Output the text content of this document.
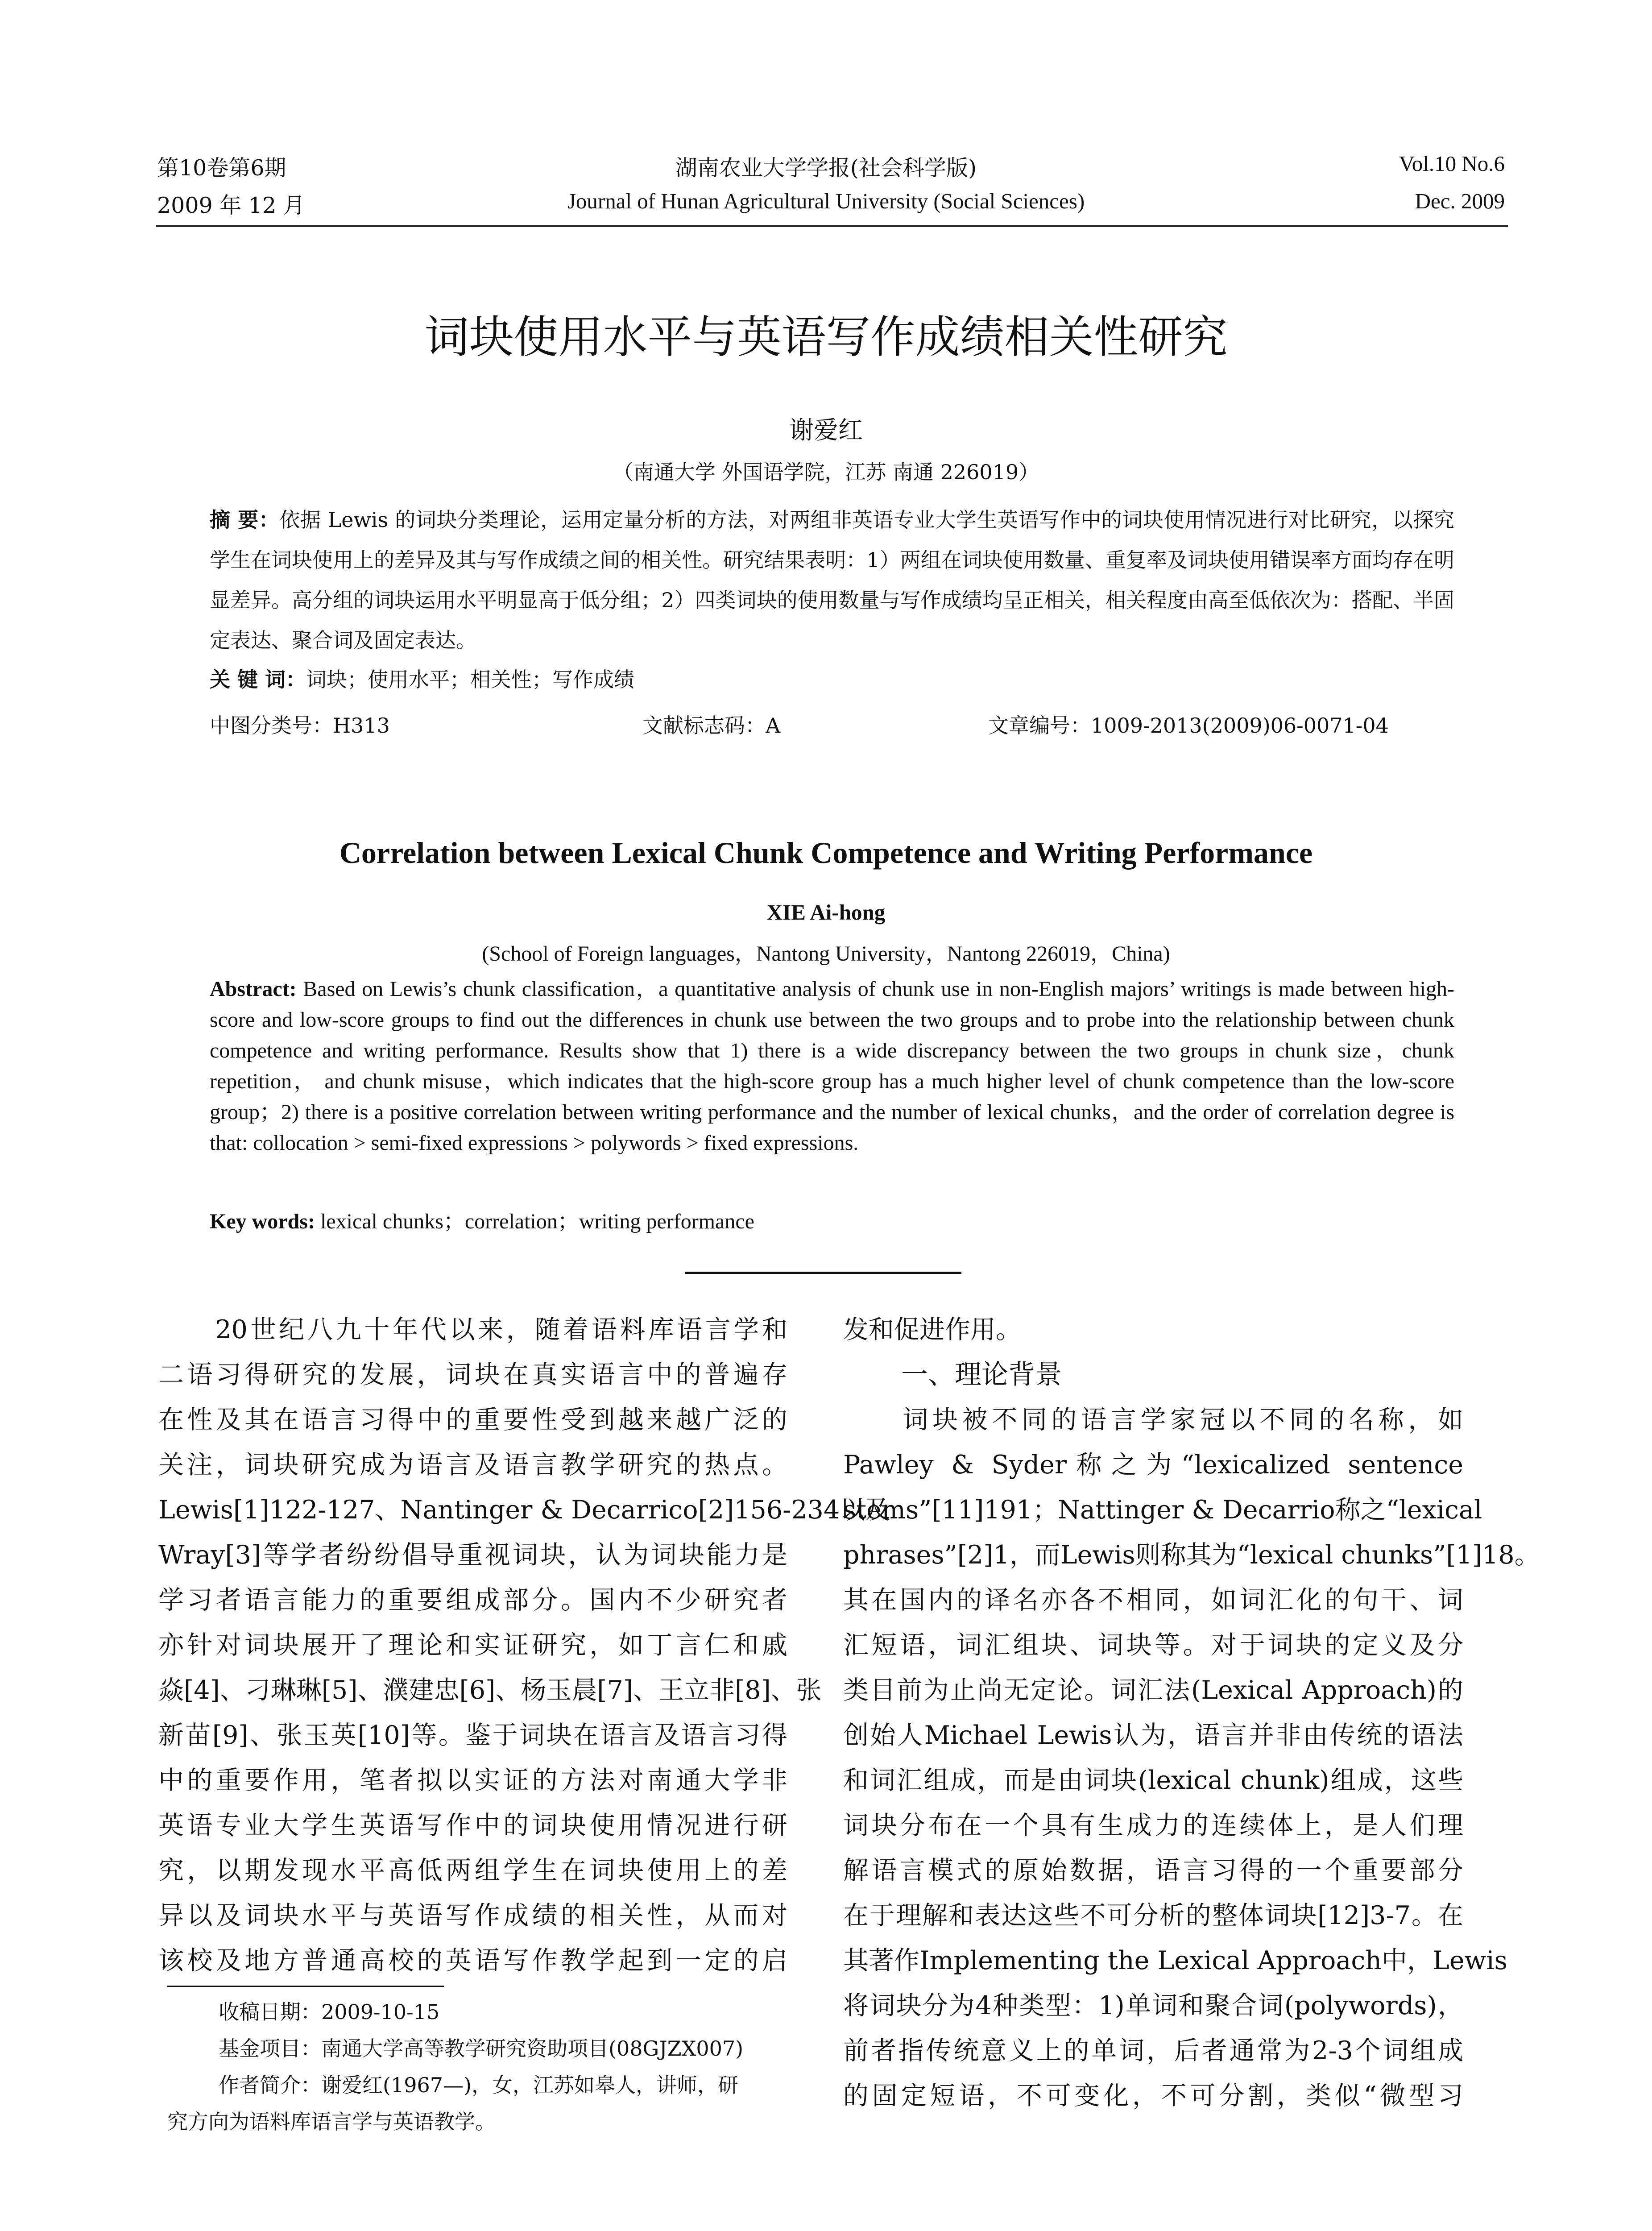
第10卷第6期
2009 年 12 月
湖南农业大学学报(社会科学版)
Journal of Hunan Agricultural University (Social Sciences)
Vol.10 No.6
Dec. 2009
词块使用水平与英语写作成绩相关性研究
谢爱红
（南通大学 外国语学院，江苏 南通 226019）
摘 要：依据 Lewis 的词块分类理论，运用定量分析的方法，对两组非英语专业大学生英语写作中的词块使用情况进行对比研究，以探究学生在词块使用上的差异及其与写作成绩之间的相关性。研究结果表明：1）两组在词块使用数量、重复率及词块使用错误率方面均存在明显差异。高分组的词块运用水平明显高于低分组；2）四类词块的使用数量与写作成绩均呈正相关，相关程度由高至低依次为：搭配、半固定表达、聚合词及固定表达。
关 键 词：词块；使用水平；相关性；写作成绩
中图分类号：H313	文献标志码：A	文章编号：1009-2013(2009)06-0071-04
Correlation between Lexical Chunk Competence and Writing Performance
XIE Ai-hong
(School of Foreign languages，Nantong University，Nantong 226019，China)
Abstract: Based on Lewis’s chunk classification，a quantitative analysis of chunk use in non-English majors’ writings is made between high-score and low-score groups to find out the differences in chunk use between the two groups and to probe into the relationship between chunk competence and writing performance. Results show that 1) there is a wide discrepancy between the two groups in chunk size，chunk repetition， and chunk misuse，which indicates that the high-score group has a much higher level of chunk competence than the low-score group；2) there is a positive correlation between writing performance and the number of lexical chunks，and the order of correlation degree is that: collocation > semi-fixed expressions > polywords > fixed expressions.
Key words: lexical chunks；correlation；writing performance
　　20世纪八九十年代以来，随着语料库语言学和
二语习得研究的发展，词块在真实语言中的普遍存
在性及其在语言习得中的重要性受到越来越广泛的
关注，词块研究成为语言及语言教学研究的热点。
Lewis[1]122-127、Nantinger & Decarrico[2]156-234以及
Wray[3]等学者纷纷倡导重视词块，认为词块能力是
学习者语言能力的重要组成部分。国内不少研究者
亦针对词块展开了理论和实证研究，如丁言仁和戚
焱[4]、刁琳琳[5]、濮建忠[6]、杨玉晨[7]、王立非[8]、张
新苗[9]、张玉英[10]等。鉴于词块在语言及语言习得
中的重要作用，笔者拟以实证的方法对南通大学非
英语专业大学生英语写作中的词块使用情况进行研
究，以期发现水平高低两组学生在词块使用上的差
异以及词块水平与英语写作成绩的相关性，从而对
该校及地方普通高校的英语写作教学起到一定的启
收稿日期：2009-10-15
基金项目：南通大学高等教学研究资助项目(08GJZX007)
作者简介：谢爱红(1967—)，女，江苏如皋人，讲师，研
究方向为语料库语言学与英语教学。
发和促进作用。
一、理论背景
　　词块被不同的语言学家冠以不同的名称，如
Pawley & Syder称之为“lexicalized sentence
stems”[11]191；Nattinger & Decarrio称之“lexical
phrases”[2]1，而Lewis则称其为“lexical chunks”[1]18。
其在国内的译名亦各不相同，如词汇化的句干、词
汇短语，词汇组块、词块等。对于词块的定义及分
类目前为止尚无定论。词汇法(Lexical Approach)的
创始人Michael Lewis认为，语言并非由传统的语法
和词汇组成，而是由词块(lexical chunk)组成，这些
词块分布在一个具有生成力的连续体上，是人们理
解语言模式的原始数据，语言习得的一个重要部分
在于理解和表达这些不可分析的整体词块[12]3-7。在
其著作Implementing the Lexical Approach中，Lewis
将词块分为4种类型：1)单词和聚合词(polywords)，
前者指传统意义上的单词，后者通常为2-3个词组成
的固定短语，不可变化，不可分割，类似“微型习
